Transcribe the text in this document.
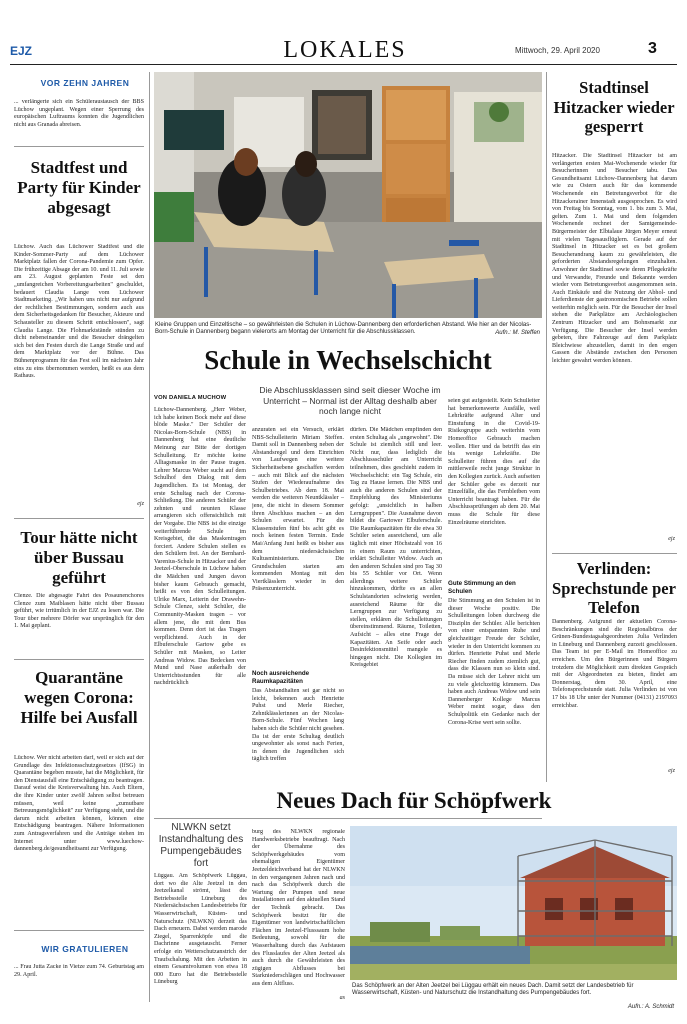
EJZ	LOKALES	Mittwoch, 29. April 2020	3
VOR ZEHN JAHREN
... verlängerte sich ein Schüleraustausch der BBS Lüchow ungeplant. Wegen einer Sperrung des europäischen Luftraums konnten die Jugendlichen nicht aus Granada abreisen.
Stadtfest und Party für Kinder abgesagt
Lüchow. Auch das Lüchower Stadtfest und die Kinder-Sommer-Party auf dem Lüchower Marktplatz fallen der Corona-Pandemie zum Opfer. Die frühzeitige Absage der am 10. und 11. Juli sowie am 23. August geplanten Feste sei den „umfangreichen Vorbereitungsarbeiten" geschuldet, bedauert Claudia Lange vom Lüchower Stadtmarketing. „Wir haben uns nicht nur aufgrund der rechtlichen Bestimmungen, sondern auch aus dem Sicherheitsgedanken für Besucher, Akteure und Schausteller zu diesem Schritt entschlossen", sagt Claudia Lange. Die Flohmarktstände stünden zu dicht nebeneinander und die Besucher drängelten sich bei den Festen durch die Lange Straße und auf dem Marktplatz vor der Bühne. Das Bühnenprogramm für das Fest soll im nächsten Jahr eins zu eins übernommen werden, heißt es aus dem Rathaus.
ejz
Tour hätte nicht über Bussau geführt
Clenze. Die abgesagte Fahrt des Posaunenchores Clenze zum Maiblasen hätte nicht über Bussau geführt, wie irrtümlich in der EJZ zu lesen war. Die Tour über mehrere Dörfer war ursprünglich für den 1. Mai geplant.
Quarantäne wegen Corona: Hilfe bei Ausfall
Lüchow. Wer nicht arbeiten darf, weil er sich auf der Grundlage des Infektionsschutzgesetzes (IfSG) in Quarantäne begeben musste, hat die Möglichkeit, für den Dienstausfall eine Entschädigung zu beantragen. Darauf weist die Kreisverwaltung hin. Auch Eltern, die ihre Kinder unter zwölf Jahren selbst betreuen müssen, weil keine „zumutbare Betreuungsmöglichkeit" zur Verfügung steht, und die darum nicht arbeiten können, können eine Entschädigung beantragen. Nähere Informationen zum Antragsverfahren und die Anträge stehen im Internet unter www.luechow-dannenberg.de/gesundheitsamt zur Verfügung.
WIR GRATULIEREN
... Frau Jutta Zacke in Vietze zum 74. Geburtstag am 29. April.
Kleine Gruppen und Einzeltische – so gewährleisten die Schulen in Lüchow-Dannenberg den erforderlichen Abstand. Wie hier an der Nicolas-Born-Schule in Dannenberg begann vielerorts am Montag der Unterricht für die Abschlussklassen.	Aufn.: M. Steffen
Schule in Wechselschicht
VON DANIELA MUCHOW
Die Abschlussklassen sind seit dieser Woche im Unterricht – Normal ist der Alltag deshalb aber noch lange nicht
Lüchow-Dannenberg. „Herr Weber, ich habe keinen Bock mehr auf diese blöde Maske." Der Schüler der Nicolas-Born-Schule (NBS) in Dannenberg hat eine deutliche Meinung zur Bitte der dortigen Schulleitung. Er möchte keine Alltagsmaske in der Pause tragen. Lehrer Marcus Weber sucht auf dem Schulhof den Dialog mit dem Jugendlichen. Es ist Montag, der erste Schultag nach der Corona-Schließung. Die anderen Schüler der zehnten und neunten Klasse arrangieren sich offensichtlich mit der Vorgabe. Die NBS ist die einzige weiterführende Schule im Kreisgebiet, die das Maskentragen forciert. Andere Schulen stellen es den Schülern frei. An der Bernhard-Varenius-Schule in Hitzacker und der Jeetzel-Oberschule in Lüchow haben die Mädchen und Jungen davon bisher kaum Gebrauch gemacht, heißt es von den Schulleitungen. Ulrike Marx, Leiterin der Drawehn-Schule Clenze, sieht Schüler, die Community-Masken tragen – vor allem jene, die mit dem Bus kommen. Denn dort ist das Tragen verpflichtend. Auch in der Elbuferschule Gartow gebe es Schüler mit Masken, so Leiter Andreas Widow. Das Bedecken von Mund und Nase außerhalb der Unterrichtsstunden für alle nachdrücklich
anzuraten sei ein Versuch, erklärt NBS-Schulleiterin Miriam Steffen. Damit soll in Dannenberg neben der Abstandsregel und dem Einrichten von Laufwegen eine weitere Sicherheitsebene geschaffen werden – auch mit Blick auf die nächsten Stufen der Wiederaufnahme des Schulbetriebes. Ab dem 18. Mai werden die weiteren Neuntklässler – jene, die nicht in diesem Sommer ihren Abschluss machen – an den Schulen erwartet. Für die Klassenstufen fünf bis acht gibt es noch keinen festen Termin. Ende Mai/Anfang Juni heißt es bisher aus dem niedersächsischen Kultusministerium. Die Grundschulen starten am kommenden Montag mit den Viertklässlern wieder in den Präsenzunterricht.
Noch ausreichende Raumkapazitäten
Das Abstandhalten sei gar nicht so leicht, bekennen auch Henriette Puhst und Merle Riecher, Zehntklässlerinnen an der Nicolas-Born-Schule. Fünf Wochen lang haben sich die Schüler nicht gesehen. Da ist der erste Schultag deutlich ungewohnter als sonst nach Ferien, in denen die Jugendlichen sich täglich treffen
dürfen. Die Mädchen empfinden den ersten Schultag als „ungewohnt". Die Schule ist ziemlich still und leer. Nicht nur, dass lediglich die Abschlussschüler am Unterricht teilnehmen, dies geschieht zudem in Wechselschicht: ein Tag Schule, ein Tag zu Hause lernen. Die NBS und auch die anderen Schulen sind der Empfehlung des Ministeriums gefolgt: „unsichtlich in halben Lerngruppen". Die Ausnahme davon bildet die Gartower Elbuferschule. Die Raumkapazitäten für die etwa 30 Schüler seien ausreichend, um alle täglich mit einer Höchstzahl von 16 in einem Raum zu unterrichten, erklärt Schulleiter Widow. Auch an den anderen Schulen sind pro Tag 30 bis 55 Schüler vor Ort. Wenn allerdings weitere Schüler hinzukommen, dürfte es an allen Schulstandorten schwierig werden, ausreichend Räume für die Lerngruppen zur Verfügung zu stellen, erklären die Schulleitungen übereinstimmend. Räume, Toiletten, Aufsicht – alles eine Frage der Kapazitäten. An Seife oder auch Desinfektionsmittel mangele es hingegen nicht. Die Kollegien im Kreisgebiet
seien gut aufgestellt. Kein Schulleiter hat bemerkenswerte Ausfälle, weil Lehrkräfte aufgrund Alter und Einstufung in die Covid-19-Risikogruppe auch weiterhin vom Homeoffice Gebrauch machen wollen. Hier und da betrifft das ein bis wenige Lehrkräfte. Die Schulleiter führen dies auf die mittlerweile recht junge Struktur in den Kollegien zurück. Auch aufseiten der Schüler gebe es derzeit nur Einzelfälle, die das Fernbleiben vom Unterricht beantragt haben. Für die Abschlussprüfungen ab dem 20. Mai muss die Schule für diese Einzelräume einrichten.
Gute Stimmung an den Schulen
Die Stimmung an den Schulen ist in dieser Woche positiv. Die Schulleitungen loben durchweg die Disziplin der Schüler. Alle berichten von einer entspannten Ruhe und gleichzeitiger Freude der Schüler, wieder in den Unterricht kommen zu dürfen. Henriette Puhst und Merle Riecher finden zudem ziemlich gut, dass die Klassen nun so klein sind. Da müsse sich der Lehrer nicht um zu viele gleichzeitig kümmern. Das haben auch Andreas Widow und sein Dannenberger Kollege Marcus Weber meint sogar, dass den Schulpolitik ein Gedanke nach der Corona-Krise wert sein sollte.
Neues Dach für Schöpfwerk
NLWKN setzt Instandhaltung des Pumpengebäudes fort
Lüggau. Am Schöpfwerk Lüggau, dort wo die Alte Jeetzel in den Jeetzelkanal strömt, lässt die Betriebsstelle Lüneburg des Niedersächsischen Landesbetriebs für Wasserwirtschaft, Küsten- und Naturschutz (NLWKN) derzeit das Dach erneuern. Dabei werden marode Ziegel, Sparrenköpfe und die Dachrinne ausgetauscht. Ferner erfolge ein Wetterschutzanstrich der Traufschalung. Mit den Arbeiten in einem Gesamtvolumen von etwa 18 000 Euro hat die Betriebsstelle Lüneburg
burg des NLWKN regionale Handwerksbetriebe beauftragt. Nach der Übernahme des Schöpfwerkgebäudes vom ehemaligen Eigentümer Jeetzeldeichverband hat der NLWKN in den vergangenen Jahren nach und nach das Schöpfwerk durch die Wartung der Pumpen und neue Installationen auf den aktuellen Stand der Technik gebracht. Das Schöpfwerk besitzt für die Eigentümer von landwirtschaftlichen Flächen im Jeetzel-Flusssaum hohe Bedeutung, sowohl für die Wasserhaltung durch das Aufstauen des Flusslaufes der Alten Jeetzel als auch durch die Gewährleisten des zügigen Abflusses bei Starkniederschlägen und Hochwasser aus dem Altfluss.
as
Das Schöpfwerk an der Alten Jeetzel bei Lüggau erhält ein neues Dach. Damit setzt der Landesbetrieb für Wasserwirtschaft, Küsten- und Naturschutz die Instandhaltung des Pumpengebäudes fort.
Aufn.: A. Schmidt
Stadtinsel Hitzacker wieder gesperrt
Hitzacker. Die Stadtinsel Hitzacker ist am verlängerten ersten Mai-Wochenende wieder für Besucherinnen und Besucher tabu. Das Gesundheitsamt Lüchow-Dannenberg hat darum wie zu Ostern auch für das kommende Wochenende ein Betretungsverbot für die Hitzackerainer Innenstadt ausgesprochen. Es wird von Freitag bis Sonntag, vom 1. bis zum 3. Mai, gelten. Zum 1. Mai und dem folgenden Wochenende rechnet der Samtgemeinde-Bürgermeister der Elbtalaue Jürgen Meyer erneut mit vielen Tagesausflüglern. Gerade auf der Stadtinsel in Hitzacker sei es bei großem Besucherandrang kaum zu gewährleisten, die geforderten Abstandsregelungen einzuhalten. Anwohner der Stadtinsel sowie deren Pflegekräfte und Verwandte, Freunde und Bekannte werden wieder vom Betretungsverbot ausgenommen sein. Auch Einkäufe und die Nutzung der Abhol- und Lieferdienste der gastronomischen Betriebe sollen weiterhin möglich sein. Für die Besucher der Insel stehen die Parkplätze am Archäologischen Zentrum Hitzacker und am Bohnsmarkt zur Verfügung. Die Besucher der Insel werden gebeten, ihre Fahrzeuge auf dem Parkplatz Bleichwiese abzustellen, damit in den engen Gassen die Abstände zwischen den Personen leichter gewahrt werden können.
ejz
Verlinden: Sprechstunde per Telefon
Dannenberg. Aufgrund der aktuellen Corona-Beschränkungen sind die Regionalbüros der Grünen-Bundestagsabgeordneten Julia Verlinden in Lüneburg und Dannenberg zurzeit geschlossen. Das Team ist per E-Mail im Homeoffice zu erreichen. Um den Bürgerinnen und Bürgern trotzdem die Möglichkeit zum direkten Gespräch mit der Abgeordneten zu bieten, findet am Donnerstag, dem 30. April, eine Telefonsprechstunde statt. Julia Verlinden ist von 17 bis 18 Uhr unter der Nummer (04131) 2197093 erreichbar.
ejz
